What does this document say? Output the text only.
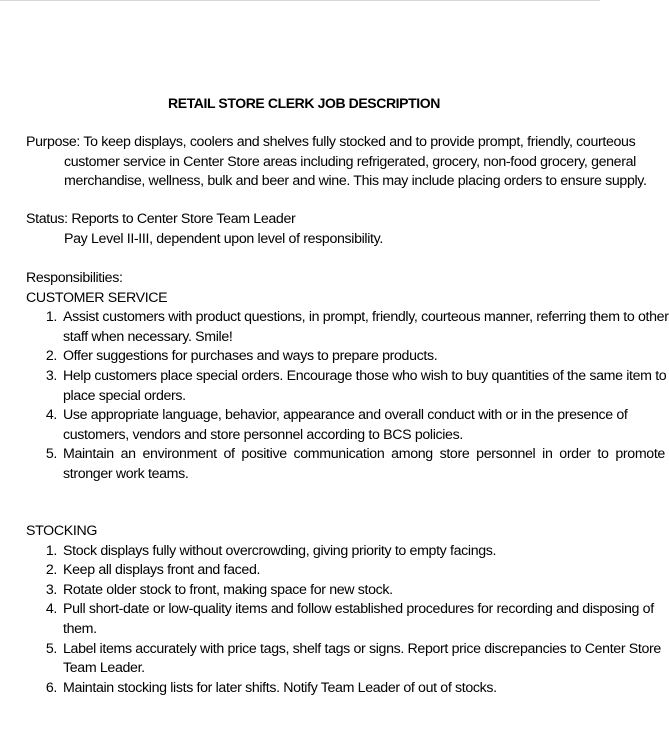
RETAIL STORE CLERK JOB DESCRIPTION
Purpose: To keep displays, coolers and shelves fully stocked and to provide prompt, friendly, courteous
customer service in Center Store areas including refrigerated, grocery, non-food grocery, general
merchandise, wellness, bulk and beer and wine. This may include placing orders to ensure supply.
Status: Reports to Center Store Team Leader
Pay Level II-III, dependent upon level of responsibility.
Responsibilities:
CUSTOMER SERVICE
1. Assist customers with product questions, in prompt, friendly, courteous manner, referring them to other
staff when necessary. Smile!
2. Offer suggestions for purchases and ways to prepare products.
3. Help customers place special orders. Encourage those who wish to buy quantities of the same item to
place special orders.
4. Use appropriate language, behavior, appearance and overall conduct with or in the presence of
customers, vendors and store personnel according to BCS policies.
5. Maintain an environment of positive communication among store personnel in order to promote
stronger work teams.
STOCKING
1. Stock displays fully without overcrowding, giving priority to empty facings.
2. Keep all displays front and faced.
3. Rotate older stock to front, making space for new stock.
4. Pull short-date or low-quality items and follow established procedures for recording and disposing of
them.
5. Label items accurately with price tags, shelf tags or signs. Report price discrepancies to Center Store
Team Leader.
6. Maintain stocking lists for later shifts. Notify Team Leader of out of stocks.
